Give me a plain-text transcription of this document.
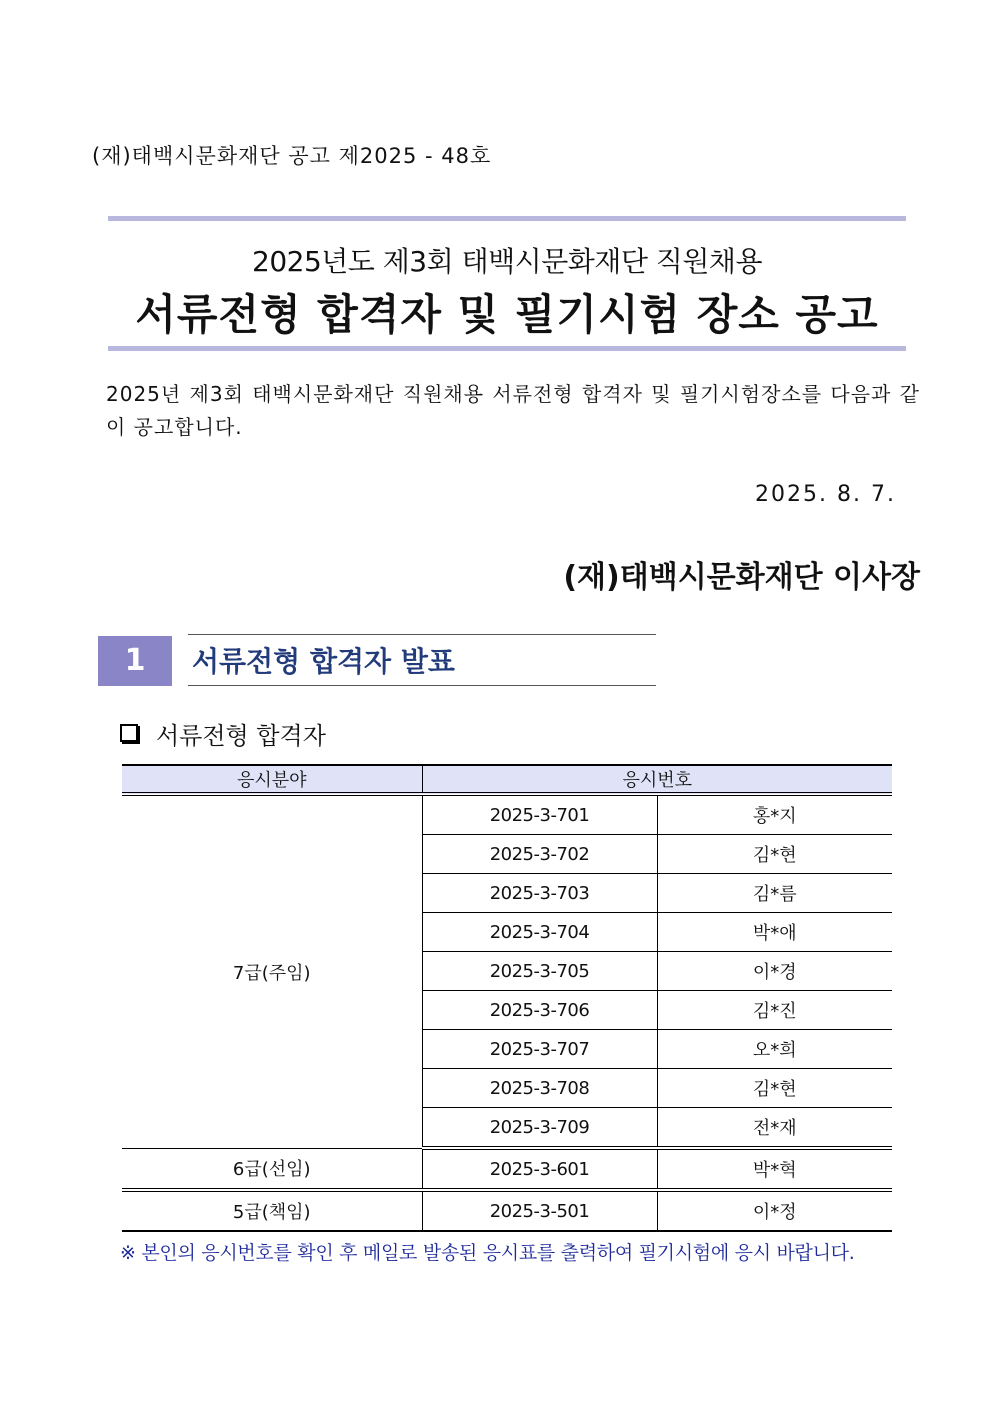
(재)태백시문화재단 공고 제2025 - 48호
2025년도 제3회 태백시문화재단 직원채용
서류전형 합격자 및 필기시험 장소 공고
2025년 제3회 태백시문화재단 직원채용 서류전형 합격자 및 필기시험장소를 다음과 같이 공고합니다.
2025. 8. 7.
(재)태백시문화재단 이사장
1	서류전형 합격자 발표
서류전형 합격자
응시분야	응시번호	
7급(주임)	2025-3-701	홍*지
	2025-3-702	김*현
	2025-3-703	김*름
	2025-3-704	박*애
	2025-3-705	이*경
	2025-3-706	김*진
	2025-3-707	오*희
	2025-3-708	김*현
	2025-3-709	전*재
6급(선임)	2025-3-601	박*혁
5급(책임)	2025-3-501	이*정
※ 본인의 응시번호를 확인 후 메일로 발송된 응시표를 출력하여 필기시험에 응시 바랍니다.
